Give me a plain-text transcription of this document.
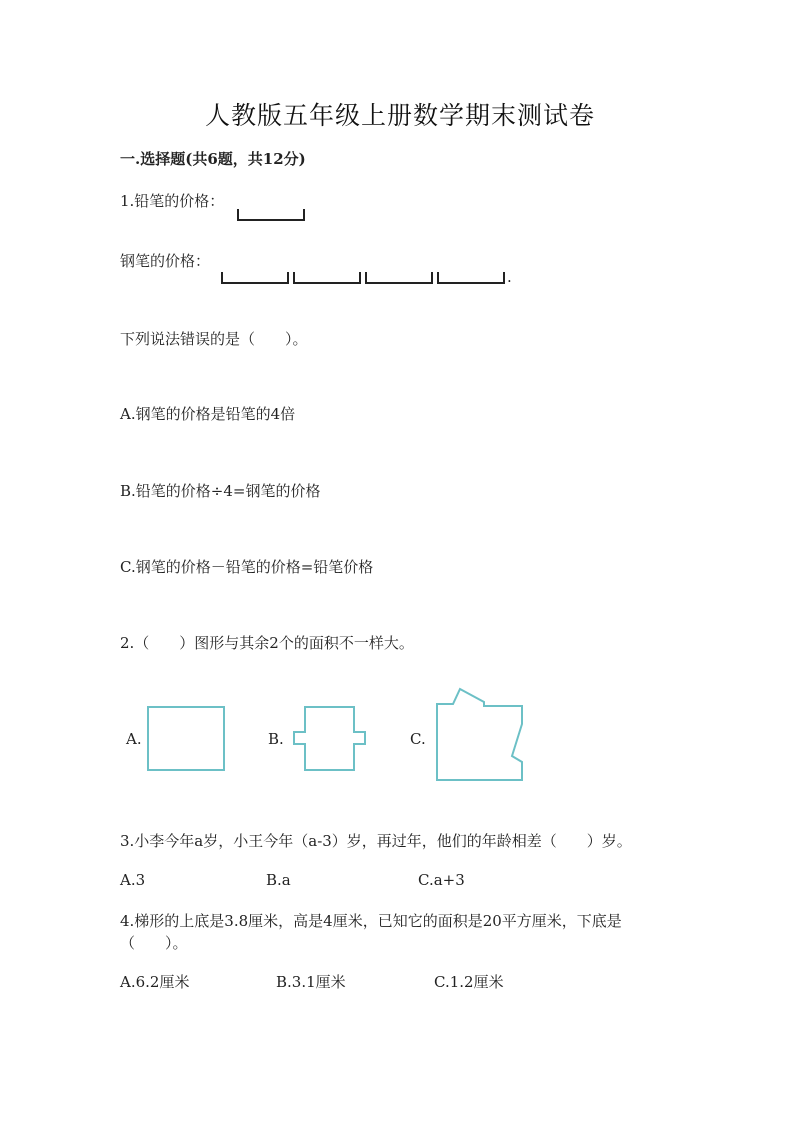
人教版五年级上册数学期末测试卷
一.选择题(共6题，共12分)
1.铅笔的价格：
钢笔的价格：
.
下列说法错误的是（　　）。
A.钢笔的价格是铅笔的4倍
B.铅笔的价格÷4=钢笔的价格
C.钢笔的价格－铅笔的价格=铅笔价格
2.（　　）图形与其余2个的面积不一样大。
A.	B.	C.
3.小李今年a岁，小王今年（a-3）岁，再过年，他们的年龄相差（　　）岁。
A.3	B.a	C.a+3
4.梯形的上底是3.8厘米，高是4厘米，已知它的面积是20平方厘米，下底是
（　　）。
A.6.2厘米	B.3.1厘米	C.1.2厘米
